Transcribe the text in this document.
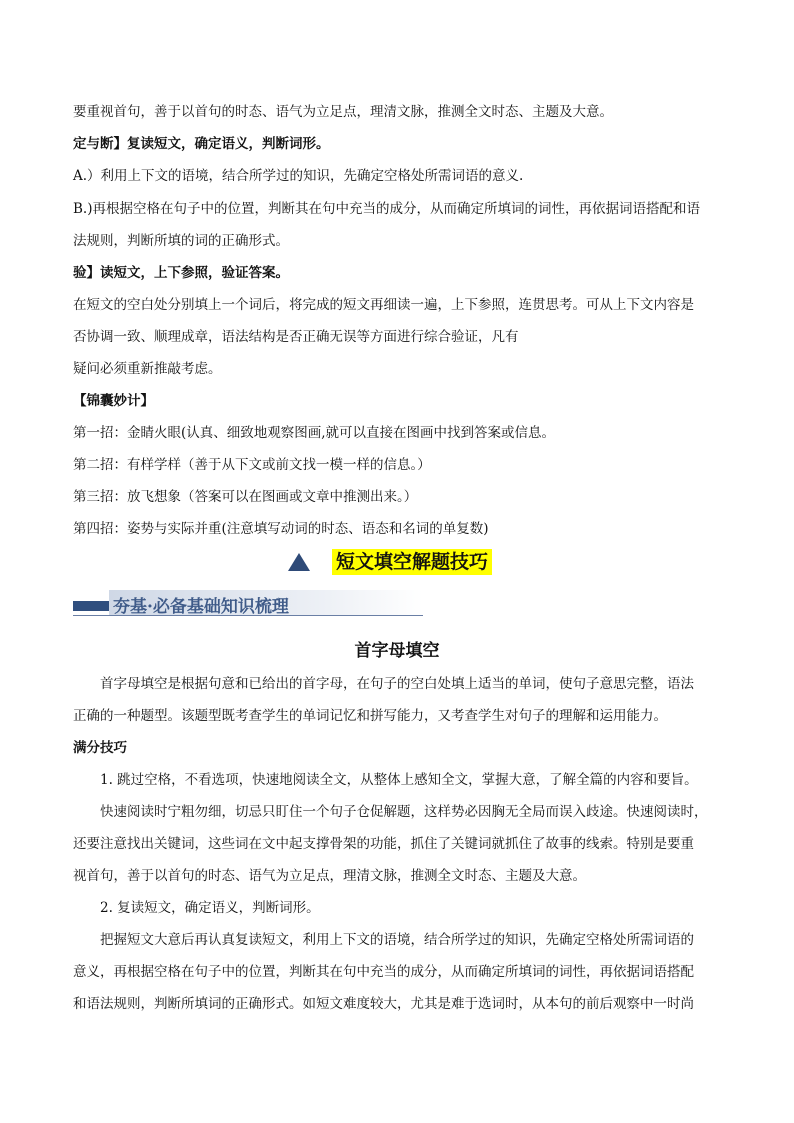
要重视首句，善于以首句的时态、语气为立足点，理清文脉，推测全文时态、主题及大意。
定与断】复读短文，确定语义，判断词形。
A.）利用上下文的语境，结合所学过的知识，先确定空格处所需词语的意义.
B.)再根据空格在句子中的位置，判断其在句中充当的成分，从而确定所填词的词性，再依据词语搭配和语
法规则，判断所填的词的正确形式。
验】读短文，上下参照，验证答案。
在短文的空白处分别填上一个词后，将完成的短文再细读一遍，上下参照，连贯思考。可从上下文内容是
否协调一致、顺理成章，语法结构是否正确无误等方面进行综合验证，凡有
疑问必须重新推敲考虑。
【锦囊妙计】
第一招：金睛火眼(认真、细致地观察图画,就可以直接在图画中找到答案或信息。
第二招：有样学样（善于从下文或前文找一模一样的信息。）
第三招：放飞想象（答案可以在图画或文章中推测出来。）
第四招：姿势与实际并重(注意填写动词的时态、语态和名词的单复数)
短文填空解题技巧
夯基·必备基础知识梳理
首字母填空
首字母填空是根据句意和已给出的首字母，在句子的空白处填上适当的单词，使句子意思完整，语法
正确的一种题型。该题型既考查学生的单词记忆和拼写能力，又考查学生对句子的理解和运用能力。
满分技巧
1. 跳过空格，不看选项，快速地阅读全文，从整体上感知全文，掌握大意，了解全篇的内容和要旨。
快速阅读时宁粗勿细，切忌只盯住一个句子仓促解题，这样势必因胸无全局而误入歧途。快速阅读时，
还要注意找出关键词，这些词在文中起支撑骨架的功能，抓住了关键词就抓住了故事的线索。特别是要重
视首句，善于以首句的时态、语气为立足点，理清文脉，推测全文时态、主题及大意。
2. 复读短文，确定语义，判断词形。
把握短文大意后再认真复读短文，利用上下文的语境，结合所学过的知识，先确定空格处所需词语的
意义，再根据空格在句子中的位置，判断其在句中充当的成分，从而确定所填词的词性，再依据词语搭配
和语法规则，判断所填词的正确形式。如短文难度较大，尤其是难于选词时，从本句的前后观察中一时尚
